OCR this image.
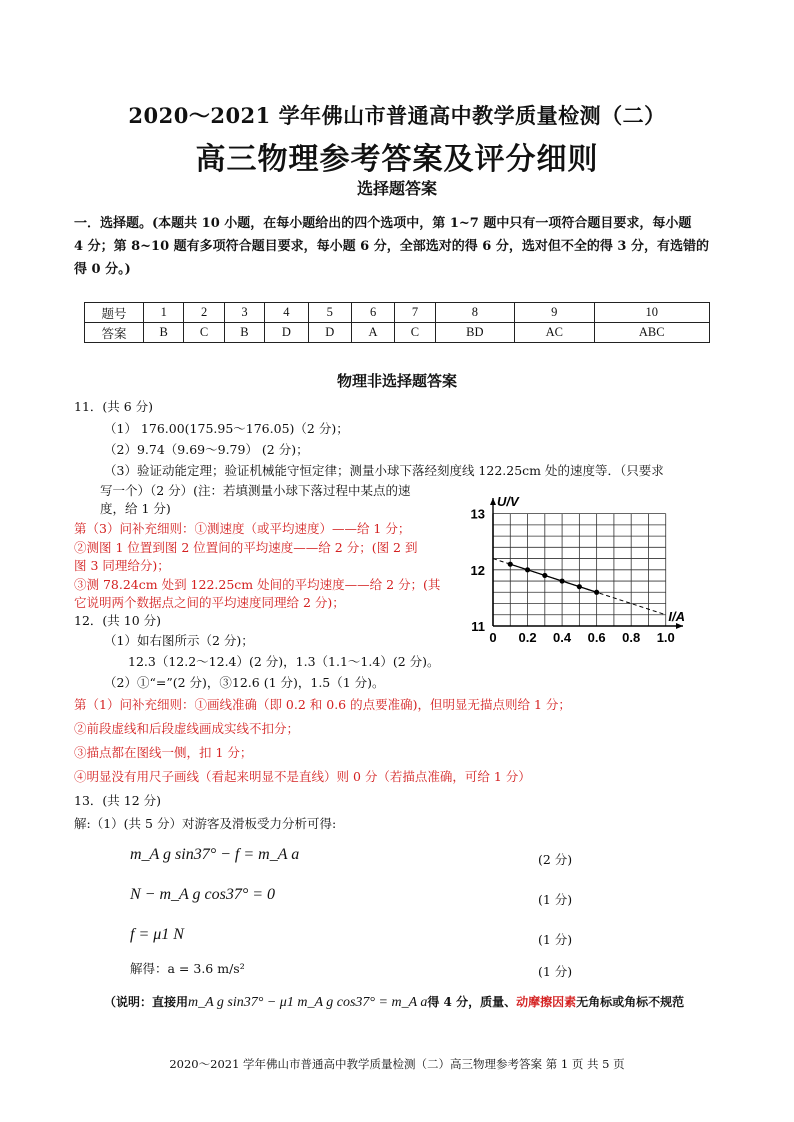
2020～2021 学年佛山市普通高中教学质量检测（二）
高三物理参考答案及评分细则
选择题答案
一．选择题。(本题共 10 小题，在每小题给出的四个选项中，第 1~7 题中只有一项符合题目要求，每小题
4 分；第 8~10 题有多项符合题目要求，每小题 6 分，全部选对的得 6 分，选对但不全的得 3 分，有选错的
得 0 分。)
题号	1	2	3	4	5	6	7	8	9	10
答案	B	C	B	D	D	A	C	BD	AC	ABC
物理非选择题答案
11．(共 6 分)
（1） 176.00(175.95～176.05)（2 分)；
（2）9.74（9.69～9.79） (2 分)；
（3）验证动能定理；验证机械能守恒定律；测量小球下落经刻度线 122.25cm 处的速度等．（只要求
写一个）（2 分）(注：若填测量小球下落过程中某点的速
度，给 1 分)
第（3）问补充细则：①测速度（或平均速度）——给 1 分；
②测图 1 位置到图 2 位置间的平均速度——给 2 分；(图 2 到
图 3 同理给分)；
③测 78.24cm 处到 122.25cm 处间的平均速度——给 2 分；(其
它说明两个数据点之间的平均速度同理给 2 分)；
12．(共 10 分)
（1）如右图所示（2 分)；
12.3（12.2～12.4）(2 分)，1.3（1.1～1.4）(2 分)。
（2）①“=”(2 分)，③12.6 (1 分)，1.5（1 分)。
第（1）问补充细则：①画线准确（即 0.2 和 0.6 的点要准确)，但明显无描点则给 1 分；
②前段虚线和后段虚线画成实线不扣分；
③描点都在图线一侧，扣 1 分；
④明显没有用尺子画线（看起来明显不是直线）则 0 分（若描点准确，可给 1 分）
13．(共 12 分)
解:（1）(共 5 分）对游客及滑板受力分析可得:
m_A g sin37° − f = m_A a	(2 分)
N − m_A g cos37° = 0	(1 分)
f = μ1 N	(1 分)
解得：a = 3.6 m/s²	(1 分)
（说明：直接用m_A g sin37° − μ1 m_A g cos37° = m_A a得 4 分，质量、动摩擦因素无角标或角标不规范
0 0.2 0.4 0.6 0.8 1.0
11
12
13
I/A
U/V
2020～2021 学年佛山市普通高中教学质量检测（二）高三物理参考答案 第 1 页 共 5 页
